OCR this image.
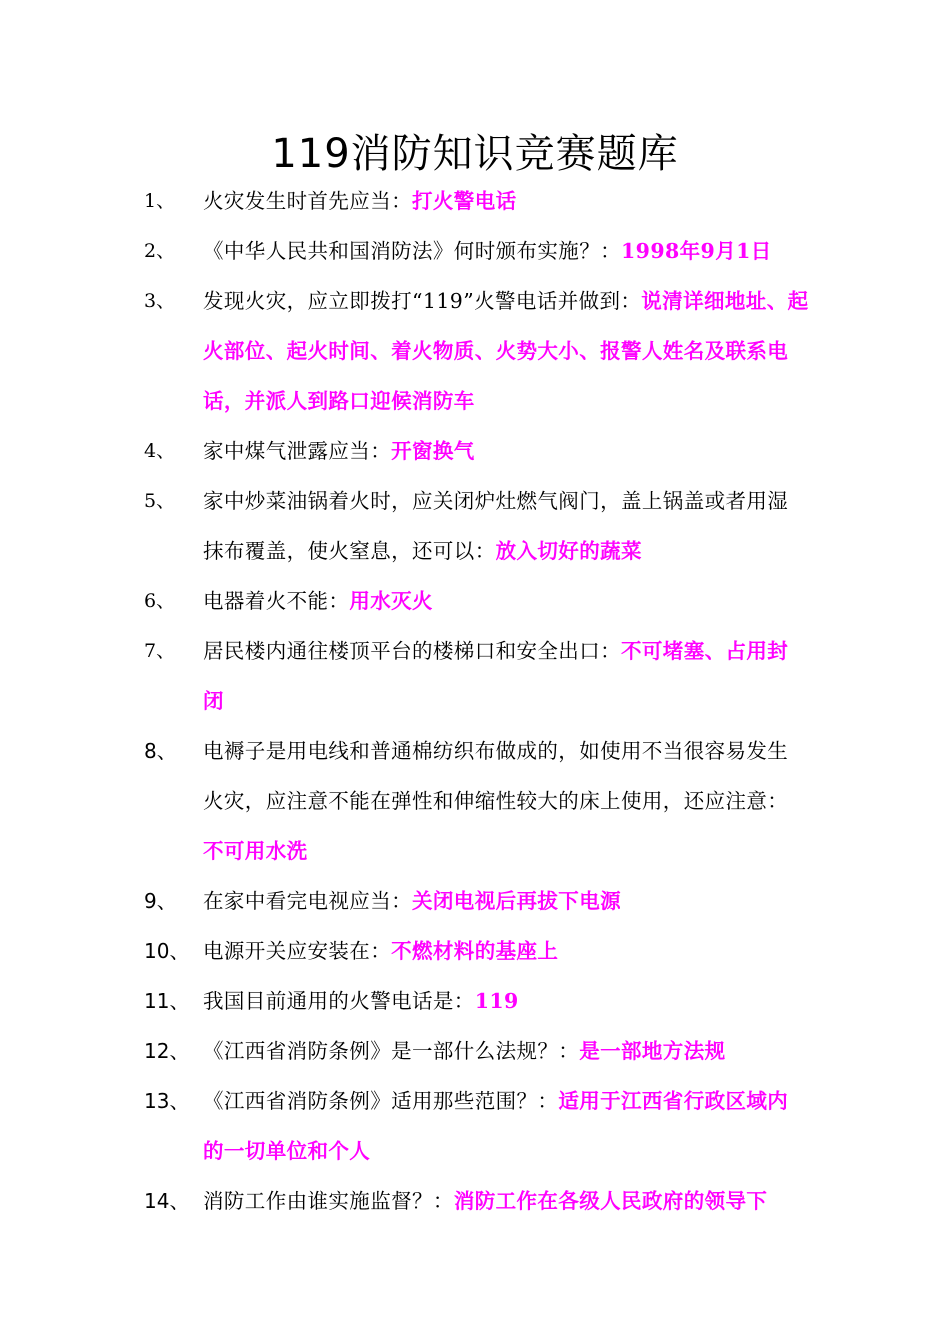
119消防知识竞赛题库
1、 火灾发生时首先应当：打火警电话
2、 《中华人民共和国消防法》何时颁布实施？：1998年9月1日
3、 发现火灾，应立即拨打“119”火警电话并做到：说清详细地址、起火部位、起火时间、着火物质、火势大小、报警人姓名及联系电话，并派人到路口迎候消防车
4、 家中煤气泄露应当：开窗换气
5、 家中炒菜油锅着火时，应关闭炉灶燃气阀门，盖上锅盖或者用湿抹布覆盖，使火窒息，还可以：放入切好的蔬菜
6、 电器着火不能：用水灭火
7、 居民楼内通往楼顶平台的楼梯口和安全出口：不可堵塞、占用封闭
8、 电褥子是用电线和普通棉纺织布做成的，如使用不当很容易发生火灾，应注意不能在弹性和伸缩性较大的床上使用，还应注意：不可用水洗
9、 在家中看完电视应当：关闭电视后再拔下电源
10、 电源开关应安装在：不燃材料的基座上
11、 我国目前通用的火警电话是：119
12、 《江西省消防条例》是一部什么法规？：是一部地方法规
13、 《江西省消防条例》适用那些范围？：适用于江西省行政区域内的一切单位和个人
14、 消防工作由谁实施监督？：消防工作在各级人民政府的领导下
